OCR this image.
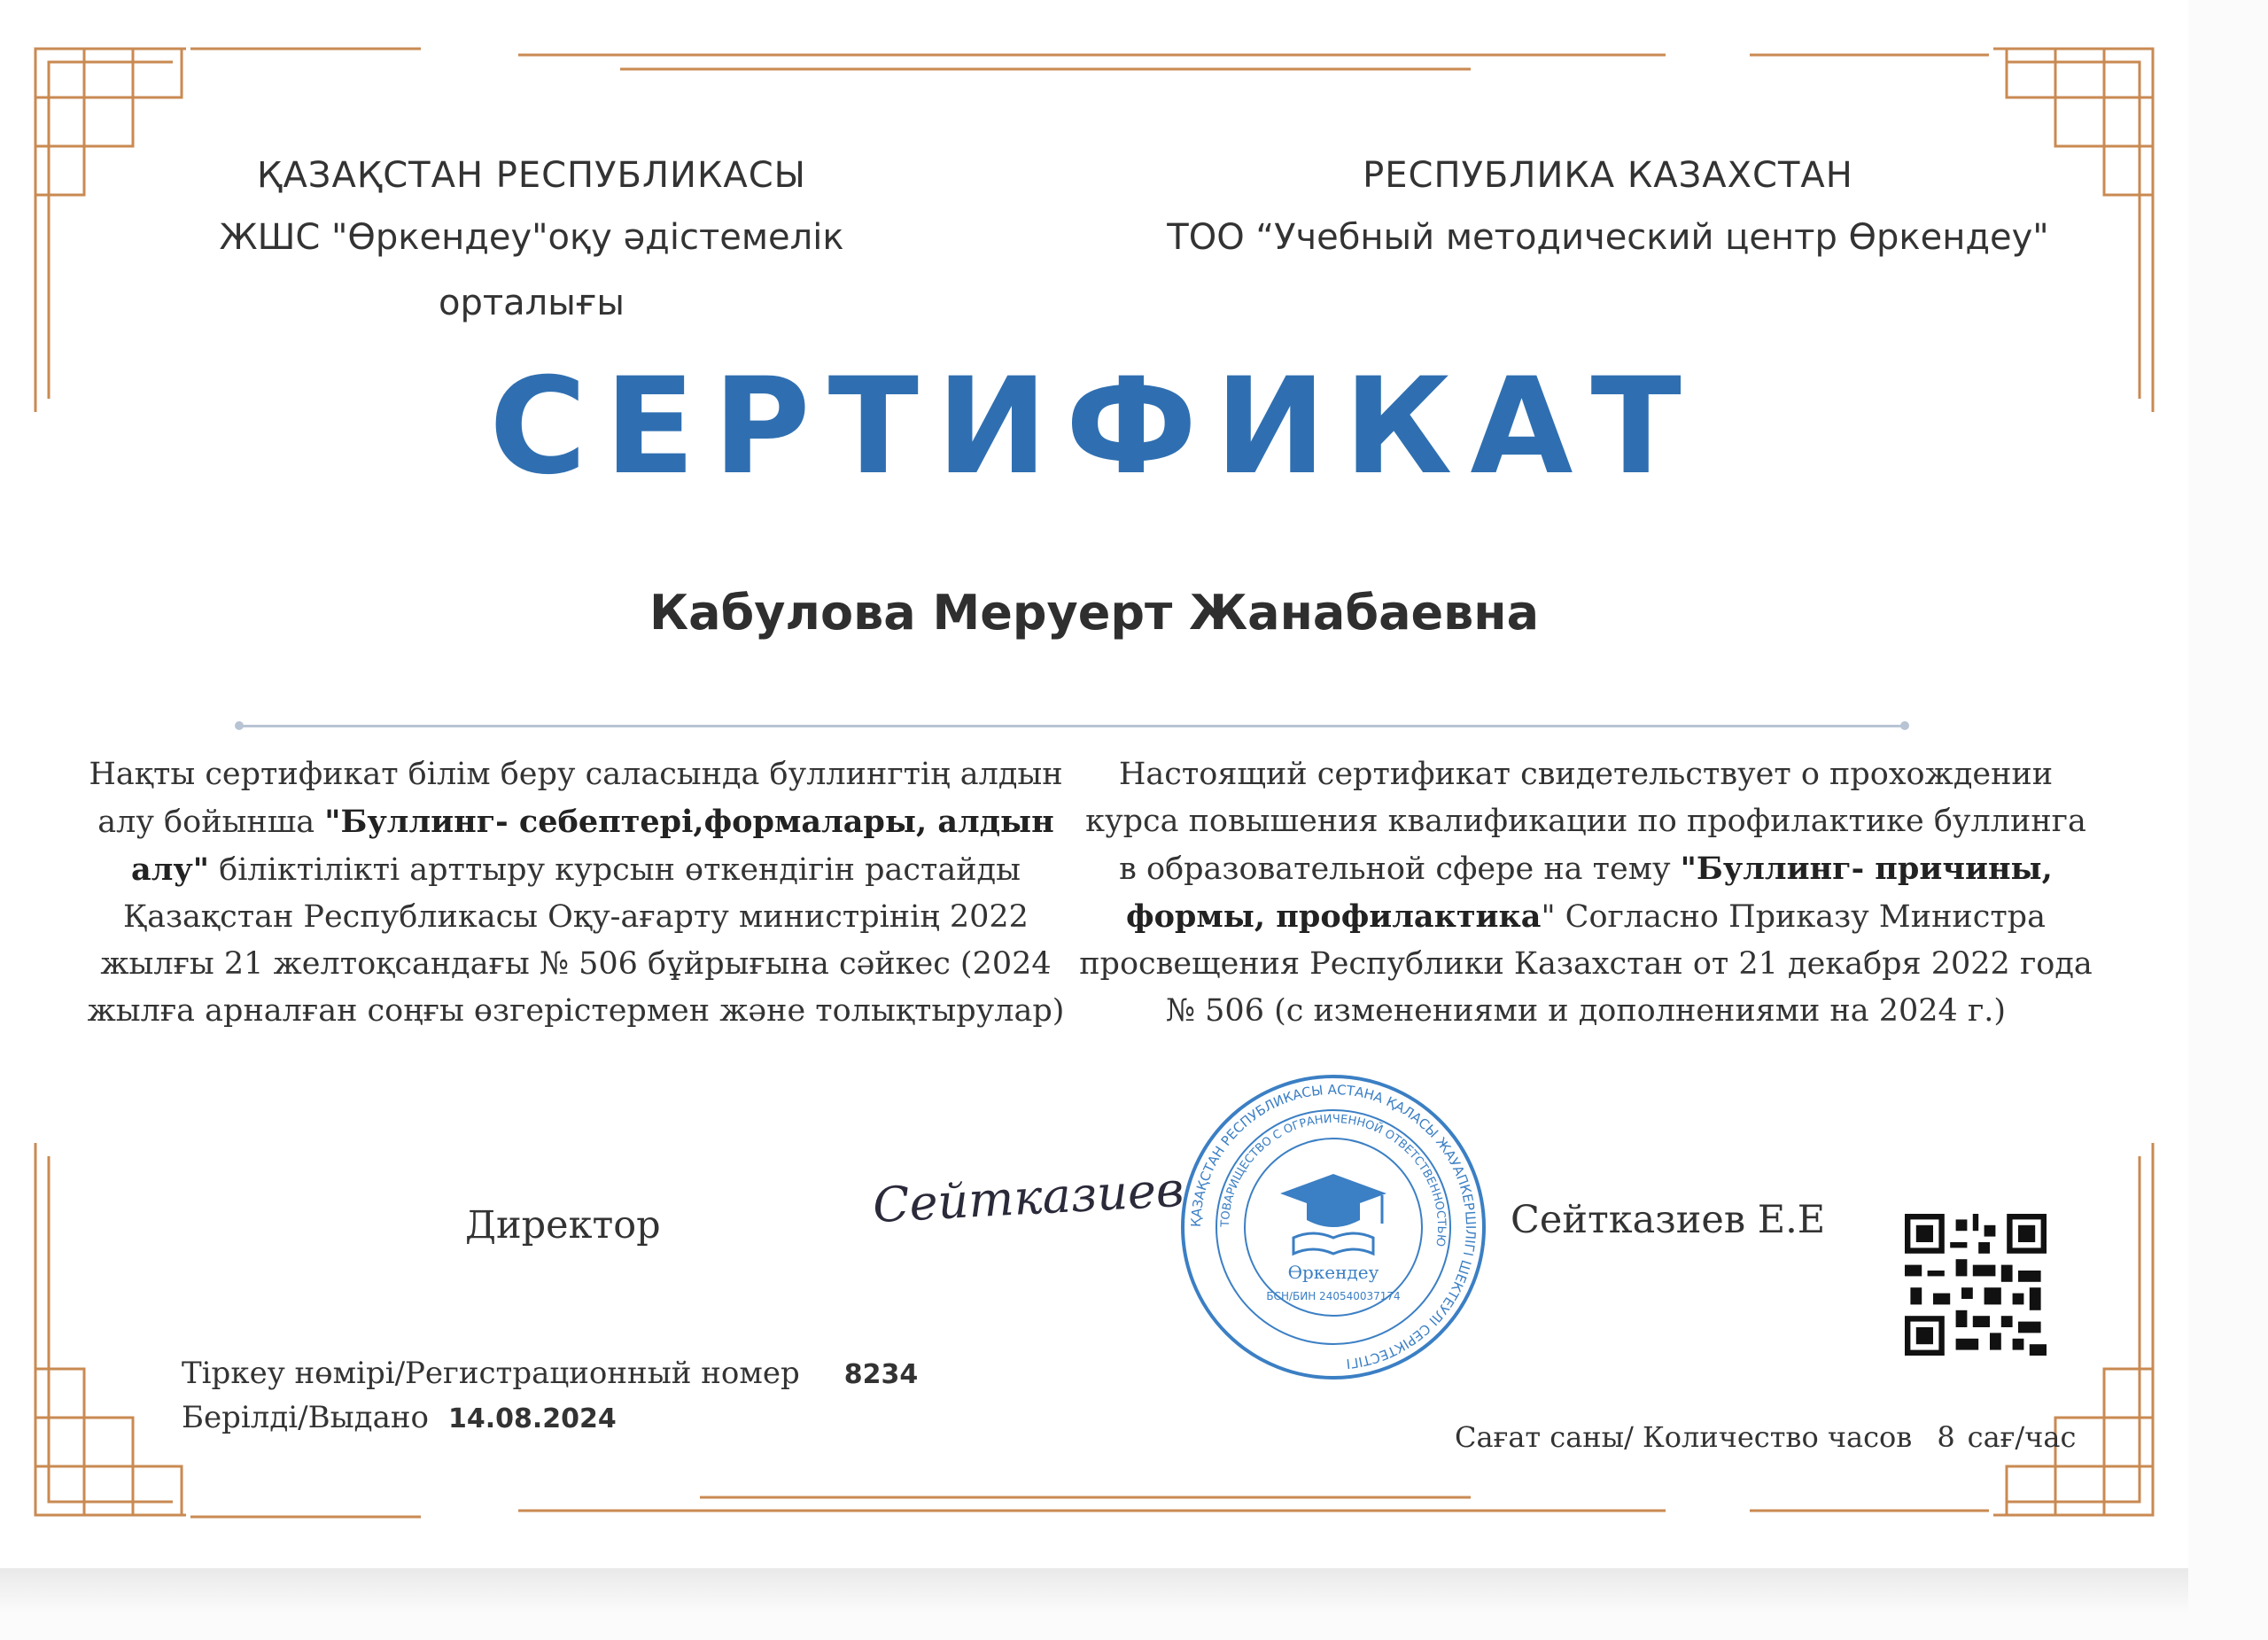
ҚАЗАҚСТАН РЕСПУБЛИКАСЫ
ЖШС "Өркендеу"оқу әдістемелік орталығы
РЕСПУБЛИКА КАЗАХСТАН
ТОО “Учебный методический центр Өркендеу"
СЕРТИФИКАТ
Кабулова Меруерт Жанабаевна
Нақты сертификат білім беру саласында буллингтің алдын алу бойынша "Буллинг- себептері,формалары, алдын алу" біліктілікті арттыру курсын өткендігін растайды Қазақстан Республикасы Оқу-ағарту министрінің 2022 жылғы 21 желтоқсандағы № 506 бұйрығына сәйкес (2024 жылға арналған соңғы өзгерістермен және толықтырулар)
Настоящий сертификат свидетельствует о прохождении курса повышения квалификации по профилактике буллинга в образовательной сфере на тему "Буллинг- причины, формы, профилактика" Согласно Приказу Министра просвещения Республики Казахстан от 21 декабря 2022 года № 506 (с изменениями и дополнениями на 2024 г.)
Директор	Сейтказиев ҚАЗАҚСТАН РЕСПУБЛИКАСЫ АСТАНА ҚАЛАСЫ ЖАУАПКЕРШІЛІГІ ШЕКТЕУЛІ СЕРІКТЕСТІГІ
ТОВАРИЩЕСТВО С ОГРАНИЧЕННОЙ ОТВЕТСТВЕННОСТЬЮ
Өркендеу
БСН/БИН 240540037174
Сейтказиев Е.Е
Тіркеу нөмірі/Регистрационный номер 8234
Берілді/Выдано 14.08.2024
Сағат саны/ Количество часов 8 сағ/час
